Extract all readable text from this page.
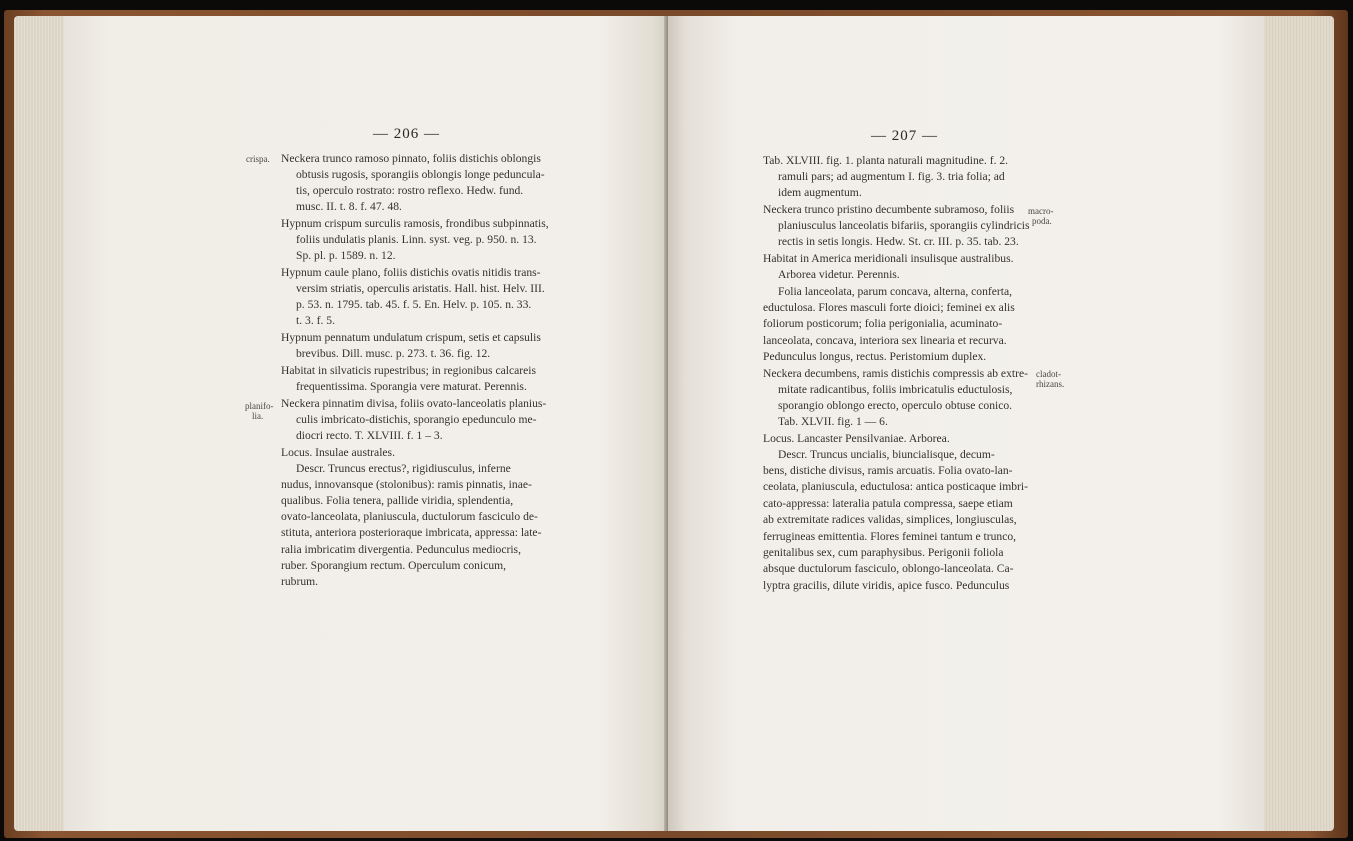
— 206 —
crispa.
planifo-
lia.
Neckera trunco ramoso pinnato, foliis distichis oblongis
obtusis rugosis, sporangiis oblongis longe peduncula-
tis, operculo rostrato: rostro reflexo. Hedw. fund.
musc. II. t. 8. f. 47. 48.
Hypnum crispum surculis ramosis, frondibus subpinnatis,
foliis undulatis planis. Linn. syst. veg. p. 950. n. 13.
Sp. pl. p. 1589. n. 12.
Hypnum caule plano, foliis distichis ovatis nitidis trans-
versim striatis, operculis aristatis. Hall. hist. Helv. III.
p. 53. n. 1795. tab. 45. f. 5. En. Helv. p. 105. n. 33.
t. 3. f. 5.
Hypnum pennatum undulatum crispum, setis et capsulis
brevibus. Dill. musc. p. 273. t. 36. fig. 12.
Habitat in silvaticis rupestribus; in regionibus calcareis
frequentissima. Sporangia vere maturat. Perennis.
Neckera pinnatim divisa, foliis ovato-lanceolatis planius-
culis imbricato-distichis, sporangio epedunculo me-
diocri recto. T. XLVIII. f. 1 – 3.
Locus. Insulae australes.
Descr. Truncus erectus?, rigidiusculus, inferne
nudus, innovansque (stolonibus): ramis pinnatis, inae-
qualibus. Folia tenera, pallide viridia, splendentia,
ovato-lanceolata, planiuscula, ductulorum fasciculo de-
stituta, anteriora posterioraque imbricata, appressa: late-
ralia imbricatim divergentia. Pedunculus mediocris,
ruber. Sporangium rectum. Operculum conicum,
rubrum.
— 207 —
macro-
poda.
cladot-
rhizans.
Tab. XLVIII. fig. 1. planta naturali magnitudine. f. 2.
ramuli pars; ad augmentum I. fig. 3. tria folia; ad
idem augmentum.
Neckera trunco pristino decumbente subramoso, foliis
planiusculus lanceolatis bifariis, sporangiis cylindricis
rectis in setis longis. Hedw. St. cr. III. p. 35. tab. 23.
Habitat in America meridionali insulisque australibus.
Arborea videtur. Perennis.
Folia lanceolata, parum concava, alterna, conferta,
eductulosa. Flores masculi forte dioici; feminei ex alis
foliorum posticorum; folia perigonialia, acuminato-
lanceolata, concava, interiora sex linearia et recurva.
Pedunculus longus, rectus. Peristomium duplex.
Neckera decumbens, ramis distichis compressis ab extre-
mitate radicantibus, foliis imbricatulis eductulosis,
sporangio oblongo erecto, operculo obtuse conico.
Tab. XLVII. fig. 1 — 6.
Locus. Lancaster Pensilvaniae. Arborea.
Descr. Truncus uncialis, biuncialisque, decum-
bens, distiche divisus, ramis arcuatis. Folia ovato-lan-
ceolata, planiuscula, eductulosa: antica posticaque imbri-
cato-appressa: lateralia patula compressa, saepe etiam
ab extremitate radices validas, simplices, longiusculas,
ferrugineas emittentia. Flores feminei tantum e trunco,
genitalibus sex, cum paraphysibus. Perigonii foliola
absque ductulorum fasciculo, oblongo-lanceolata. Ca-
lyptra gracilis, dilute viridis, apice fusco. Pedunculus
